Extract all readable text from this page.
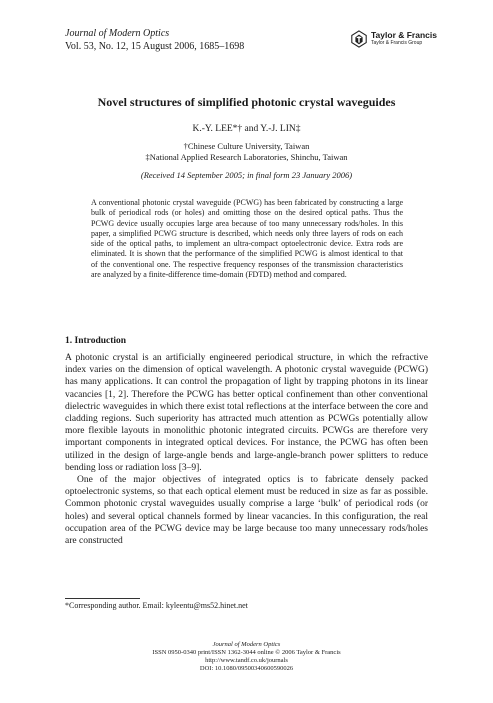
Journal of Modern Optics
Vol. 53, No. 12, 15 August 2006, 1685–1698
Taylor & Francis
Taylor & Francis Group
Novel structures of simplified photonic crystal waveguides
K.-Y. LEE*† and Y.-J. LIN‡
†Chinese Culture University, Taiwan
‡National Applied Research Laboratories, Shinchu, Taiwan
(Received 14 September 2005; in final form 23 January 2006)
A conventional photonic crystal waveguide (PCWG) has been fabricated by constructing a large bulk of periodical rods (or holes) and omitting those on the desired optical paths. Thus the PCWG device usually occupies large area because of too many unnecessary rods/holes. In this paper, a simplified PCWG structure is described, which needs only three layers of rods on each side of the optical paths, to implement an ultra-compact optoelectronic device. Extra rods are eliminated. It is shown that the performance of the simplified PCWG is almost identical to that of the conventional one. The respective frequency responses of the transmission characteristics are analyzed by a finite-difference time-domain (FDTD) method and compared.
1. Introduction

A photonic crystal is an artificially engineered periodical structure, in which the refractive index varies on the dimension of optical wavelength. A photonic crystal waveguide (PCWG) has many applications. It can control the propagation of light by trapping photons in its linear vacancies [1, 2]. Therefore the PCWG has better optical confinement than other conventional dielectric waveguides in which there exist total reflections at the interface between the core and cladding regions. Such superiority has attracted much attention as PCWGs potentially allow more flexible layouts in monolithic photonic integrated circuits. PCWGs are therefore very important components in integrated optical devices. For instance, the PCWG has often been utilized in the design of large-angle bends and large-angle-branch power splitters to reduce bending loss or radiation loss [3–9].

One of the major objectives of integrated optics is to fabricate densely packed optoelectronic systems, so that each optical element must be reduced in size as far as possible. Common photonic crystal waveguides usually comprise a large ‘bulk’ of periodical rods (or holes) and several optical channels formed by linear vacancies. In this configuration, the real occupation area of the PCWG device may be large because too many unnecessary rods/holes are constructed

*Corresponding author. Email: kyleentu@ms52.hinet.net
Journal of Modern Optics
ISSN 0950-0340 print/ISSN 1362-3044 online © 2006 Taylor & Francis
http://www.tandf.co.uk/journals
DOI: 10.1080/09500340600590026
